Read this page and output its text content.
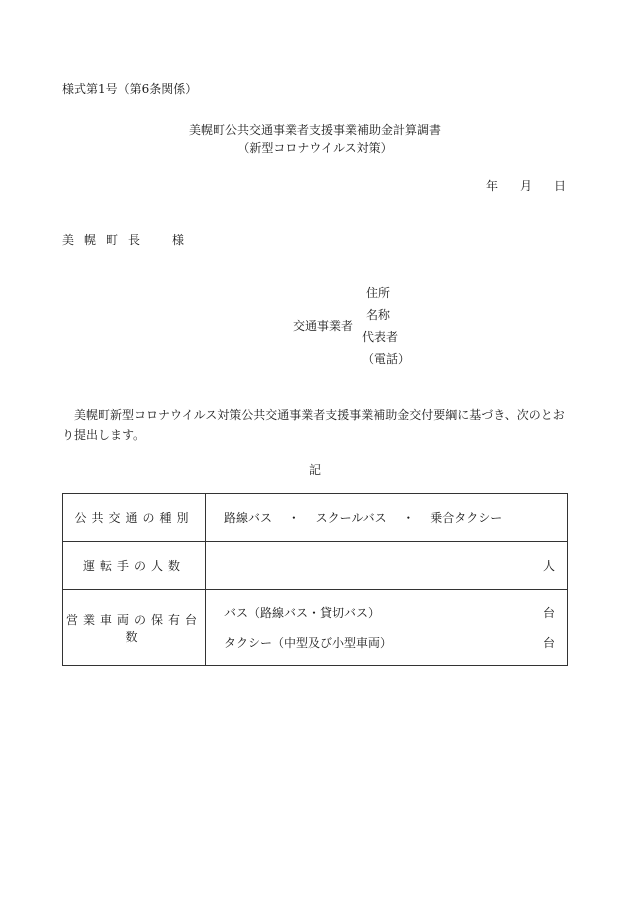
様式第1号（第6条関係）
美幌町公共交通事業者支援事業補助金計算調書
（新型コロナウイルス対策）
年 月 日
美幌町長　様
交通事業者
住所
名称
代表者
（電話）
美幌町新型コロナウイルス対策公共交通事業者支援事業補助金交付要綱に基づき、次のとおり提出します。
記
公共交通の種別	路線バス ・ スクールバス ・ 乗合タクシー
運転手の人数	人

営業車両の保有台数	バス（路線バス・貸切バス） 台
タクシー（中型及び小型車両） 台
